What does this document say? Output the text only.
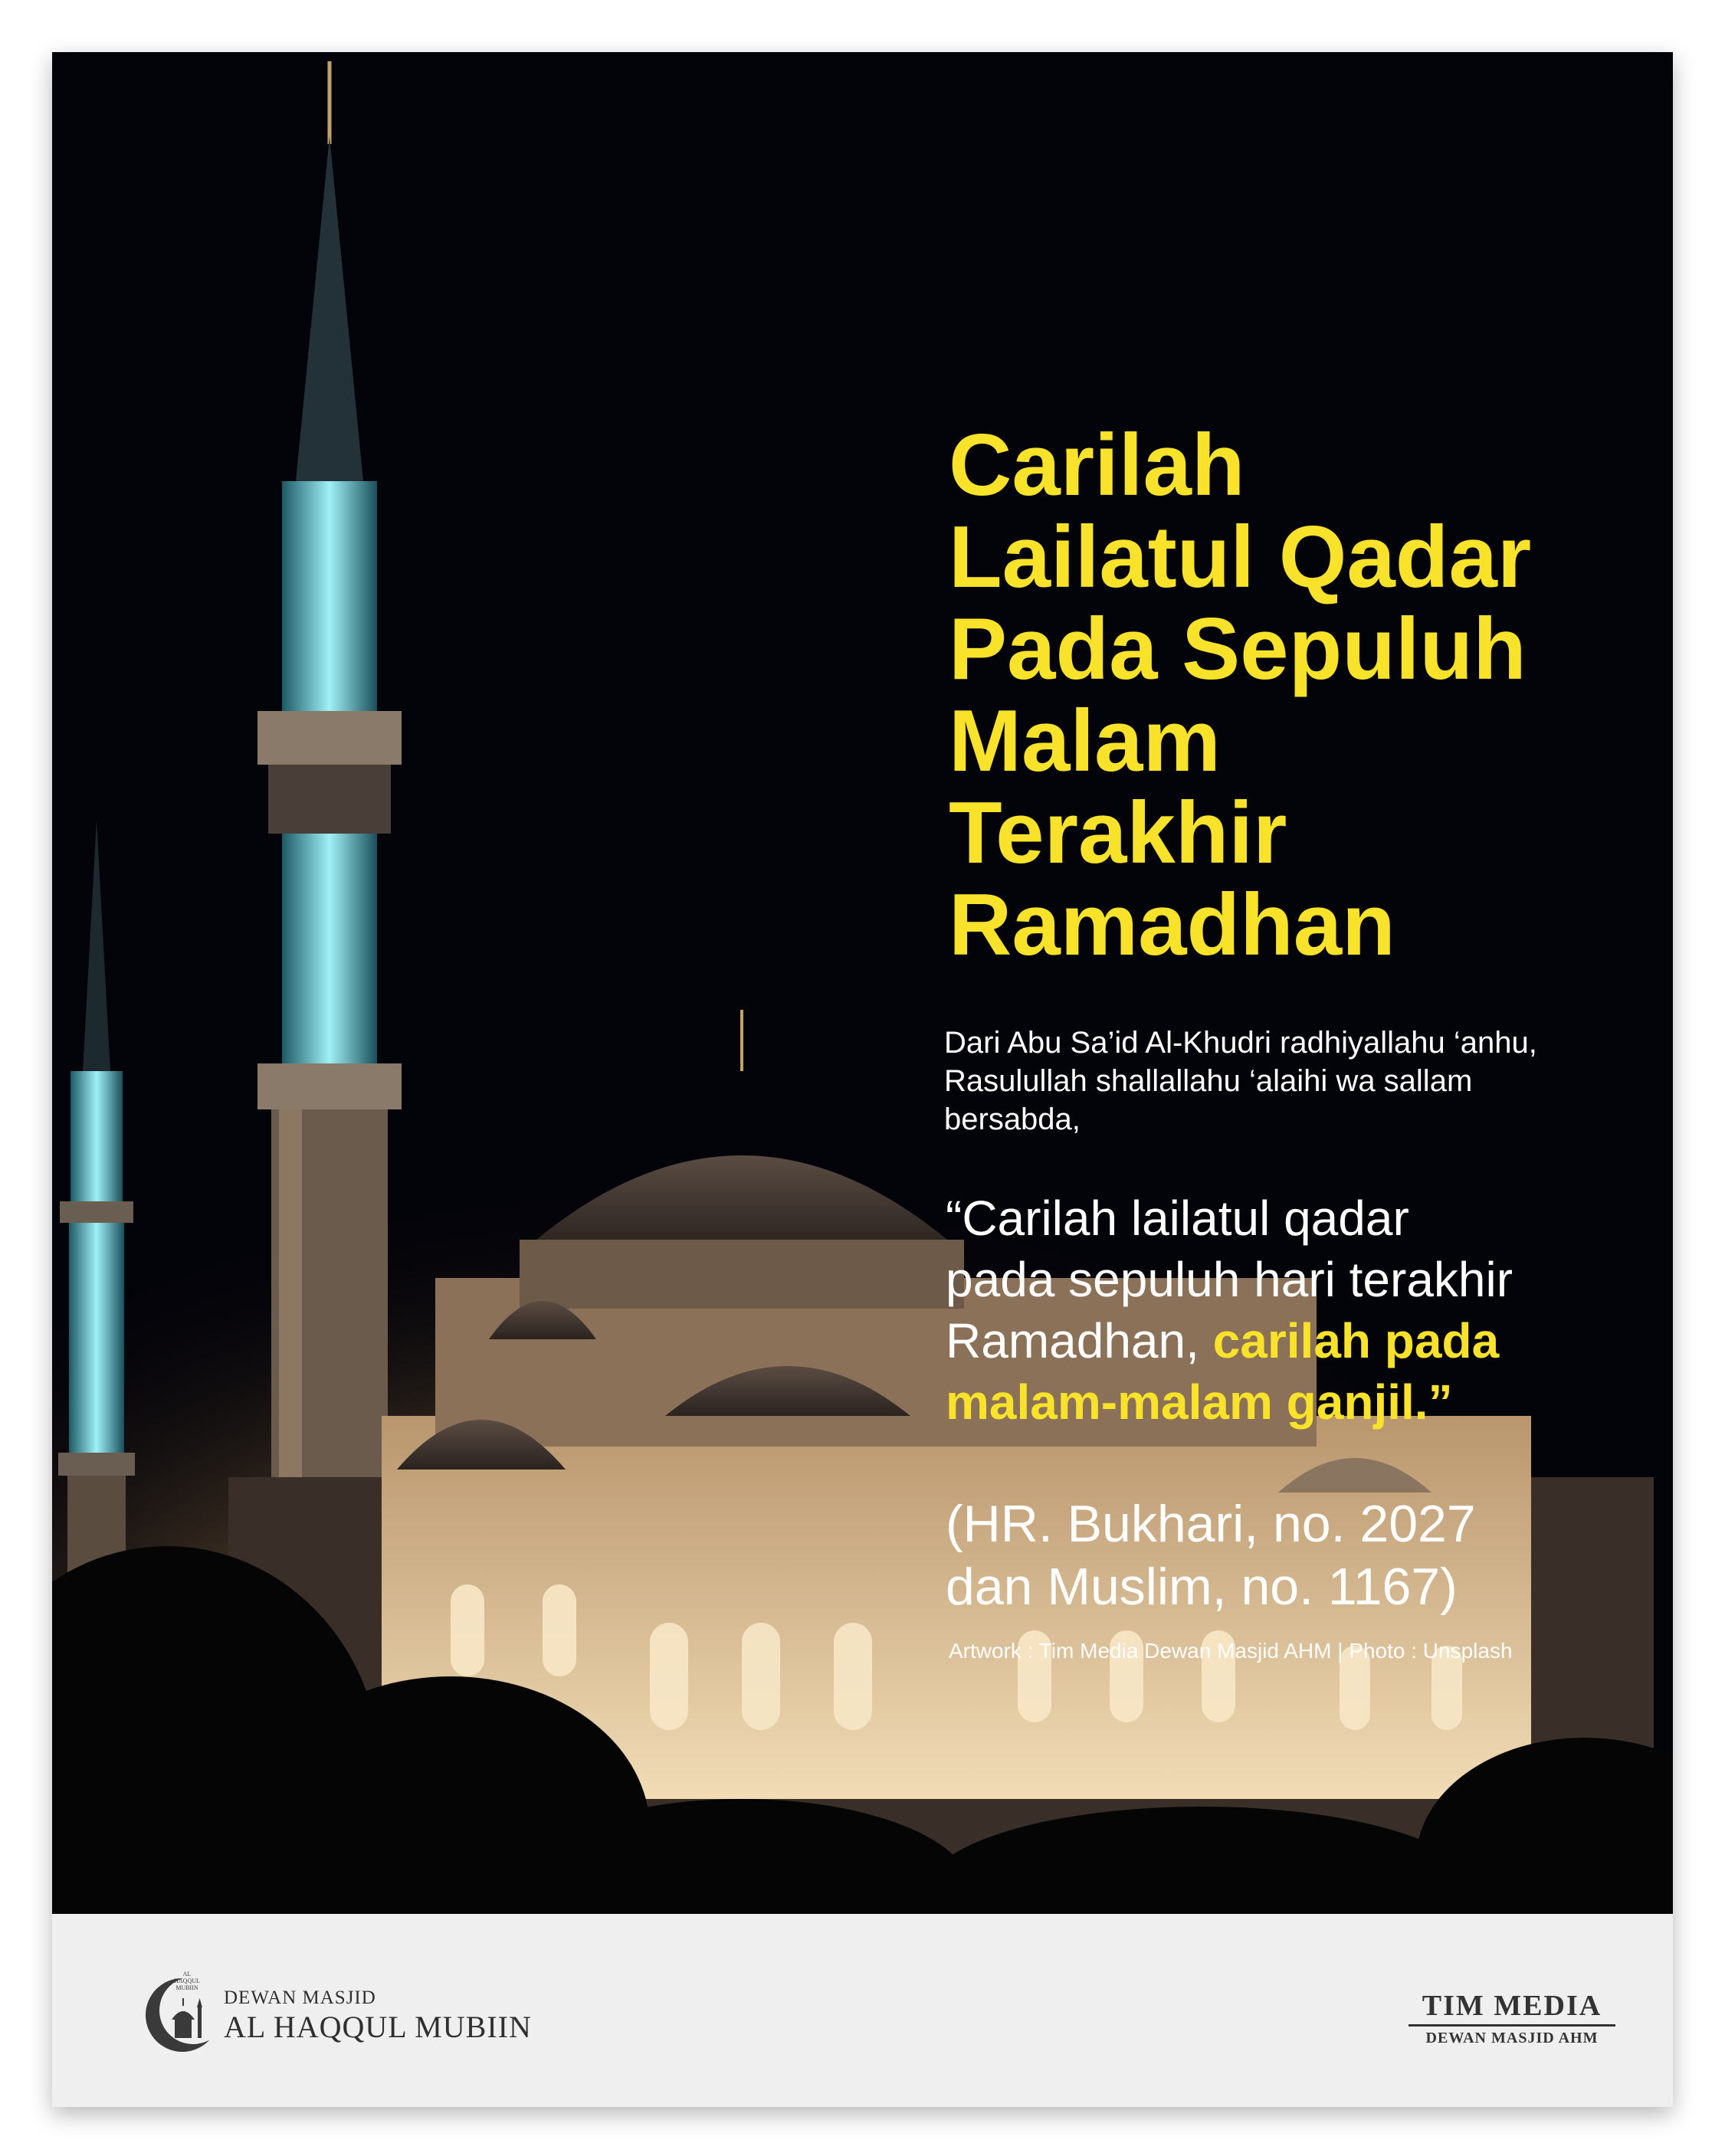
Carilah
Lailatul Qadar
Pada Sepuluh
Malam
Terakhir
Ramadhan
Dari Abu Sa’id Al-Khudri radhiyallahu ‘anhu,
Rasulullah shallallahu ‘alaihi wa sallam
bersabda,
“Carilah lailatul qadar
pada sepuluh hari terakhir
Ramadhan, carilah pada
malam-malam ganjil.”
(HR. Bukhari, no. 2027
dan Muslim, no. 1167)
Artwork : Tim Media Dewan Masjid AHM | Photo : Unsplash
AL
HAQQUL
MUBIIN DEWAN MASJID
AL HAQQUL MUBIIN
TIM MEDIA
DEWAN MASJID AHM
